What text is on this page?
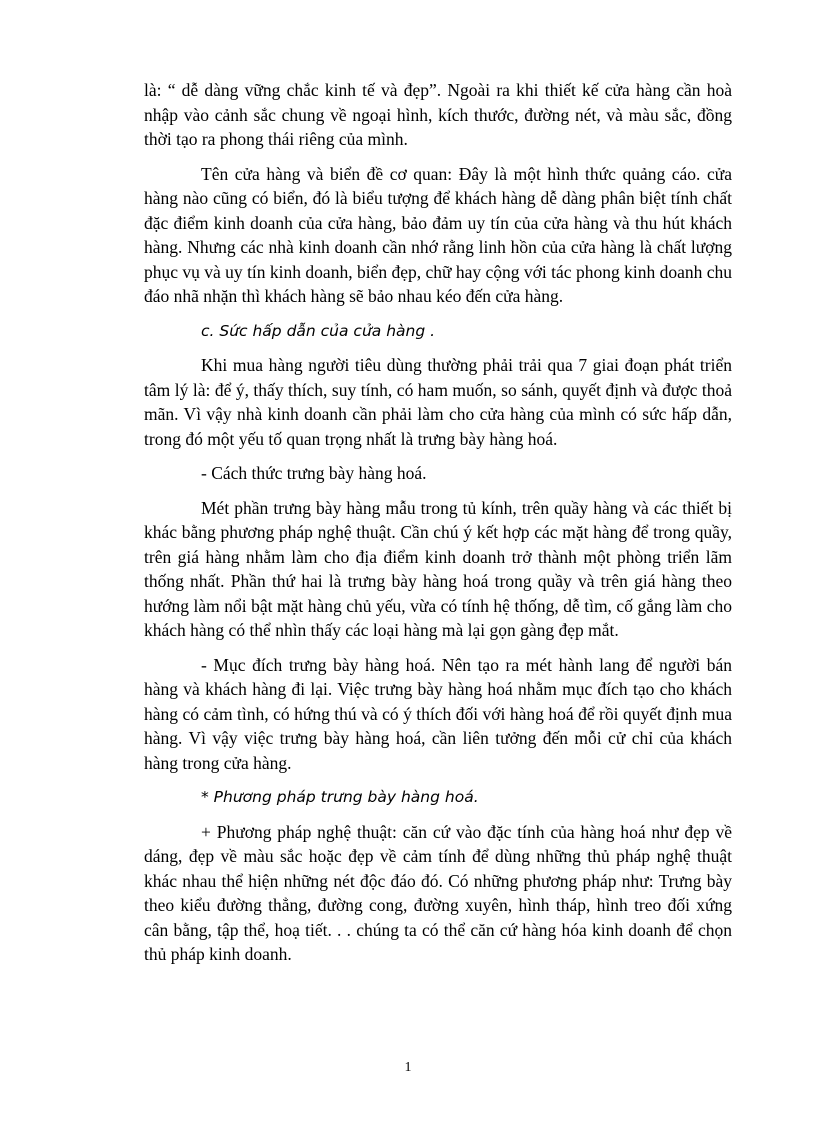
là: “ dễ dàng vững chắc kinh tế và đẹp”. Ngoài ra khi thiết kế cửa hàng cần hoà nhập vào cảnh sắc chung về ngoại hình, kích thước, đường nét, và màu sắc, đồng thời tạo ra phong thái riêng của mình.

Tên cửa hàng và biển đề cơ quan: Đây là một hình thức quảng cáo. cửa hàng nào cũng có biển, đó là biểu tượng để khách hàng dễ dàng phân biệt tính chất đặc điểm kinh doanh của cửa hàng, bảo đảm uy tín của cửa hàng và thu hút khách hàng. Nhưng các nhà kinh doanh cần nhớ rằng linh hồn của cửa hàng là chất lượng phục vụ và uy tín kinh doanh, biển đẹp, chữ hay cộng với tác phong kinh doanh chu đáo nhã nhặn thì khách hàng sẽ bảo nhau kéo đến cửa hàng.

c. Sức hấp dẫn của cửa hàng .

Khi mua hàng người tiêu dùng thường phải trải qua 7 giai đoạn phát triển tâm lý là: để ý, thấy thích, suy tính, có ham muốn, so sánh, quyết định và được thoả mãn. Vì vậy nhà kinh doanh cần phải làm cho cửa hàng của mình có sức hấp dẫn, trong đó một yếu tố quan trọng nhất là trưng bày hàng hoá.

- Cách thức trưng bày hàng hoá.

Mét phần trưng bày hàng mẫu trong tủ kính, trên quầy hàng và các thiết bị khác bằng phương pháp nghệ thuật. Cần chú ý kết hợp các mặt hàng để trong quầy, trên giá hàng nhằm làm cho địa điểm kinh doanh trở thành một phòng triển lãm thống nhất. Phần thứ hai là trưng bày hàng hoá trong quầy và trên giá hàng theo hướng làm nổi bật mặt hàng chủ yếu, vừa có tính hệ thống, dễ tìm, cố gắng làm cho khách hàng có thể nhìn thấy các loại hàng mà lại gọn gàng đẹp mắt.

- Mục đích trưng bày hàng hoá. Nên tạo ra mét hành lang để người bán hàng và khách hàng đi lại. Việc trưng bày hàng hoá nhằm mục đích tạo cho khách hàng có cảm tình, có hứng thú và có ý thích đối với hàng hoá để rồi quyết định mua hàng. Vì vậy việc trưng bày hàng hoá, cần liên tưởng đến mỗi cử chỉ của khách hàng trong cửa hàng.

* Phương pháp trưng bày hàng hoá.

+ Phương pháp nghệ thuật: căn cứ vào đặc tính của hàng hoá như đẹp về dáng, đẹp về màu sắc hoặc đẹp về cảm tính để dùng những thủ pháp nghệ thuật khác nhau thể hiện những nét độc đáo đó. Có những phương pháp như: Trưng bày theo kiểu đường thẳng, đường cong, đường xuyên, hình tháp, hình treo đối xứng cân bằng, tập thể, hoạ tiết. . . chúng ta có thể căn cứ hàng hóa kinh doanh để chọn thủ pháp kinh doanh.

1
